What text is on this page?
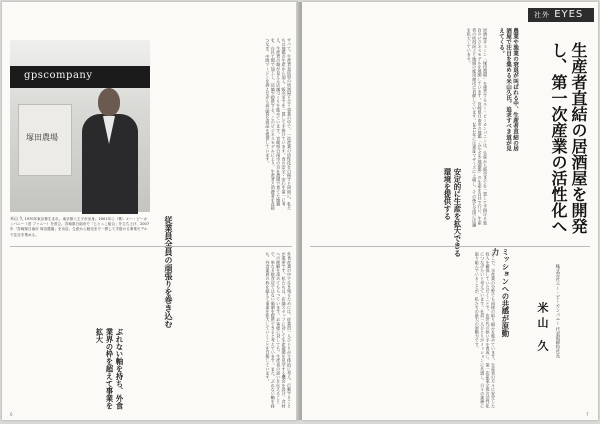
gpscompany
塚田農場
米山 久 1970年東京都生まれ。東京都八王子市出身。2001年に（株）エー・ピーカンパニー（旧 ファニー）を設立。宮崎県日南市で「じとっこ組合」を立ち上げ、2007年「宮崎県日南市 塚田農場」を出店。生産から販売まで一貫して手掛ける事業モデルで注目を集める。
すべて、生産者直結型の居酒屋と言う事業の中で、一次産業の活性化を目指すと同時に、私たちは地鶏の生産から加工、販売までを一貫して手掛けています。食の安全・安心を第一に考え、生産者の顔が見える店舗づくりを進めています。宮崎県日南市の自社農場で育てた地鶏を、自社工場で加工し、店舗で提供する。このビジネスモデルにより、生産者と消費者を直接つなぎ、中間マージンを抑えながら高品質な商品を提供しています。
従業員全員の頑張りを巻き込む	外食産業の中で生き残るためには、従業員一人ひとりが主体的に考え、行動することが重要です。私たちは、店舗スタッフに対して生産現場を見学する機会を設け、食材への理解を深めてもらっています。お客様に対しても、生産者の思いを伝えることで、単なる飲食店ではない価値を提供できると考えています。また、ぶれない軸を持ち、外食業界の枠を超えて事業を拡大していくことを目指しています。
ぶれない軸を持ち、外食業界の枠を超えて事業を拡大
6
社外 EYES
生産者直結の居酒屋を開発し、第一次産業の活性化へ
農業や漁業の衰退が叫ばれる中、生産者直結の居酒屋で注目を集める米山久氏。追求すべき道が見えてくる。
居酒屋チェーン「塚田農場」を運営するエー・ピーカンパニーは、生産から販売までを一貫して手掛ける独自のビジネスモデルを展開しています。宮崎県日南市の地鶏「みやざき地頭鶏」の生産を自社で行い、生産者の所得向上と地域の雇用創出に貢献しています。2012年には東証マザーズに上場し、その後も全国に店舗を拡大しています。
安定的に生産を拡大できる環境を提供する
そこで、水産業の分野でも同様の取り組みを進めています。生産者の方々に安定した収入を確保していただくことで、次世代の担い手を育成し、第一次産業全体の活性化につなげたいと考えています。社員一人ひとりがミッションに共感し、日々の業務に取り組んでいることが、私たちの最大の原動力です。	ミッションへの共感が原動力
株式会社エー・ピーカンパニー 代表取締役社長
米山 久
7
